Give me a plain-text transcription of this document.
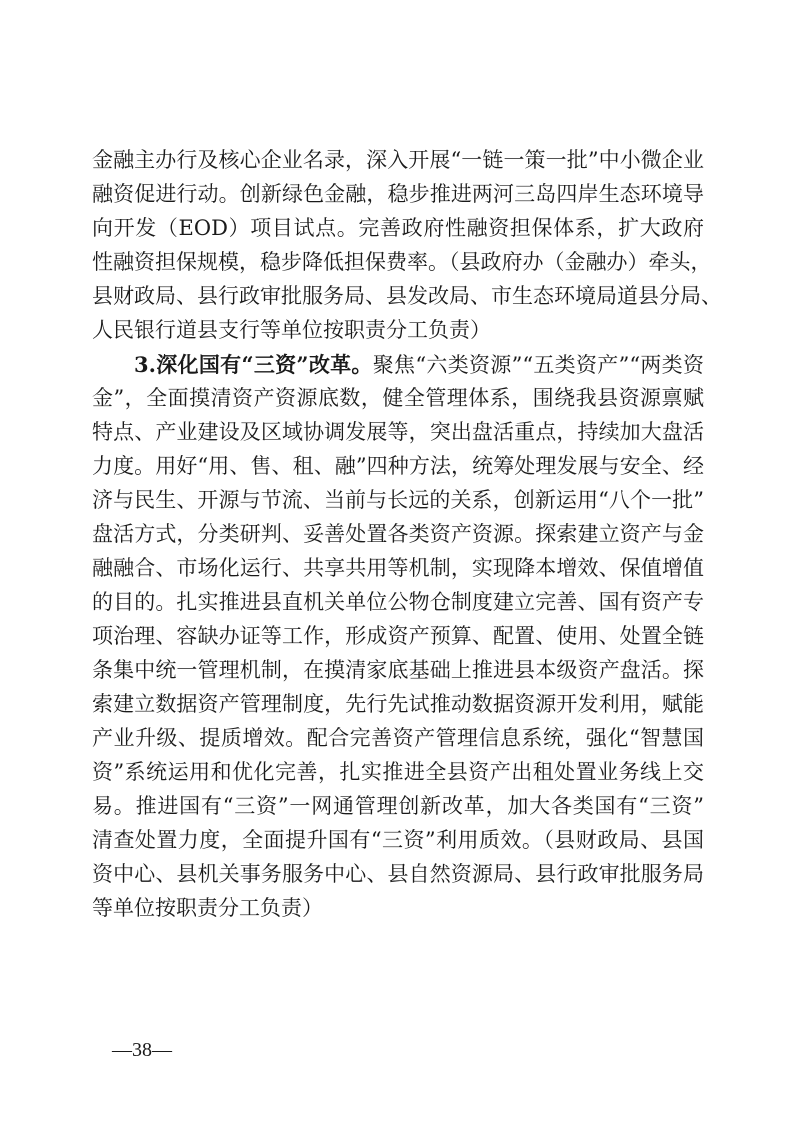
金融主办行及核心企业名录，深入开展“一链一策一批”中小微企业
融资促进行动。创新绿色金融，稳步推进两河三岛四岸生态环境导
向开发（EOD）项目试点。完善政府性融资担保体系，扩大政府
性融资担保规模，稳步降低担保费率。（县政府办（金融办）牵头，
县财政局、县行政审批服务局、县发改局、市生态环境局道县分局、
人民银行道县支行等单位按职责分工负责）
3.深化国有“三资”改革。聚焦“六类资源”“五类资产”“两类资
金”，全面摸清资产资源底数，健全管理体系，围绕我县资源禀赋
特点、产业建设及区域协调发展等，突出盘活重点，持续加大盘活
力度。用好“用、售、租、融”四种方法，统筹处理发展与安全、经
济与民生、开源与节流、当前与长远的关系，创新运用“八个一批”
盘活方式，分类研判、妥善处置各类资产资源。探索建立资产与金
融融合、市场化运行、共享共用等机制，实现降本增效、保值增值
的目的。扎实推进县直机关单位公物仓制度建立完善、国有资产专
项治理、容缺办证等工作，形成资产预算、配置、使用、处置全链
条集中统一管理机制，在摸清家底基础上推进县本级资产盘活。探
索建立数据资产管理制度，先行先试推动数据资源开发利用，赋能
产业升级、提质增效。配合完善资产管理信息系统，强化“智慧国
资”系统运用和优化完善，扎实推进全县资产出租处置业务线上交
易。推进国有“三资”一网通管理创新改革，加大各类国有“三资”
清查处置力度，全面提升国有“三资”利用质效。（县财政局、县国
资中心、县机关事务服务中心、县自然资源局、县行政审批服务局
等单位按职责分工负责）
—38—
